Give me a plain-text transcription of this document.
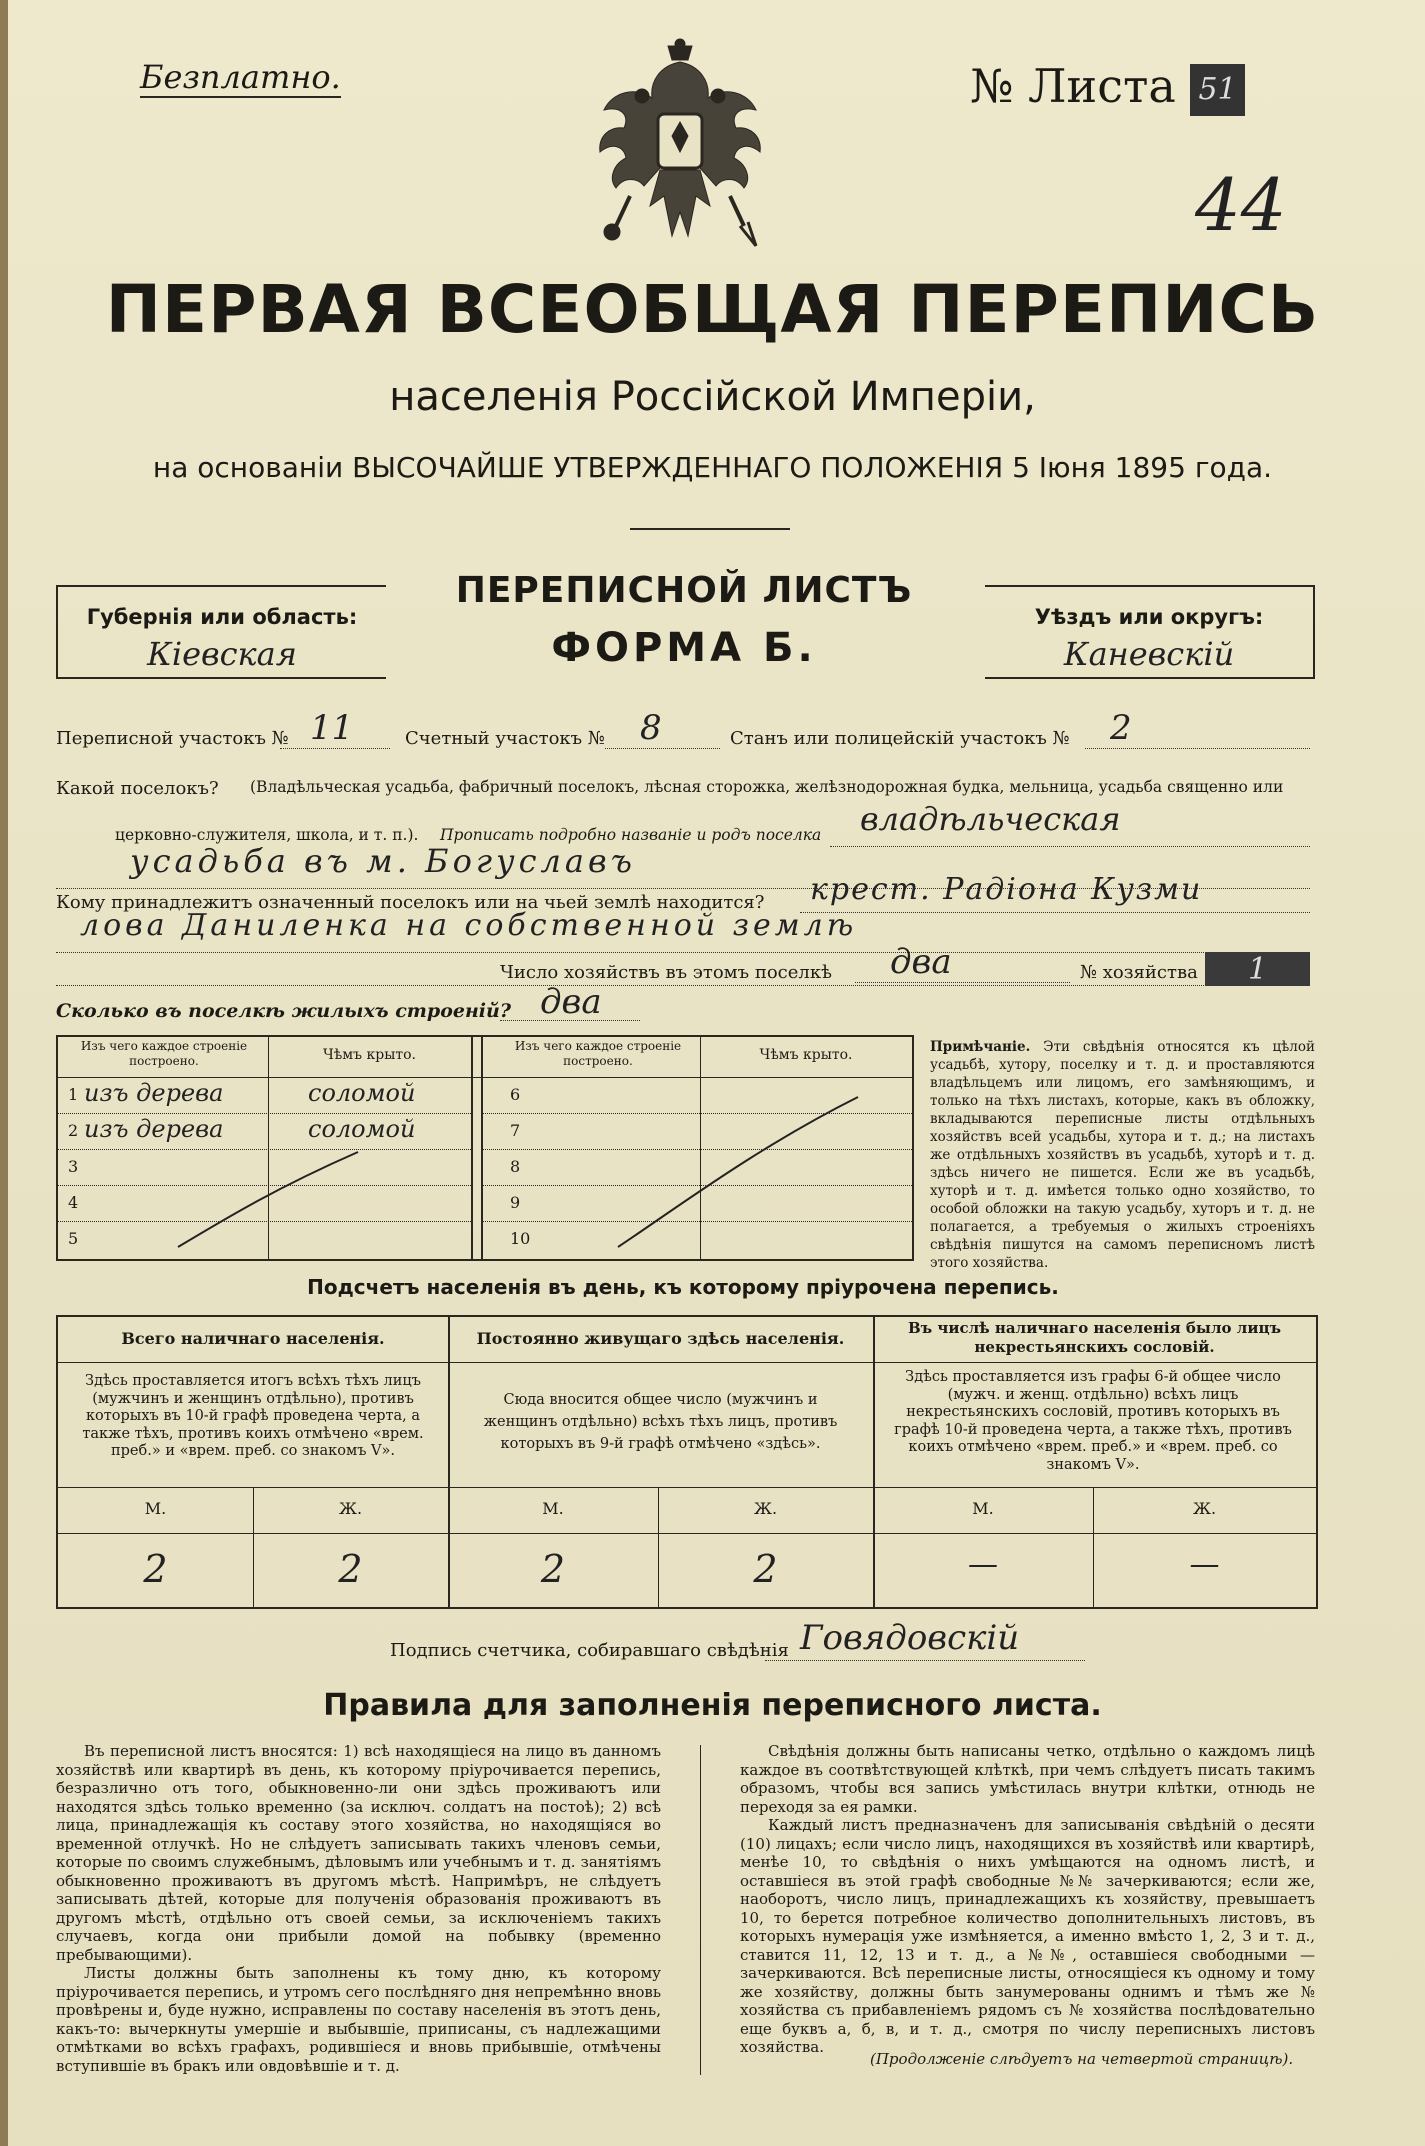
Безплатно.	№ Листа 51
44
ПЕРВАЯ ВСЕОБЩАЯ ПЕРЕПИСЬ
населенія Россійской Имперіи,
на основаніи ВЫСОЧАЙШЕ УТВЕРЖДЕННАГО ПОЛОЖЕНІЯ 5 Іюня 1895 года.
Губернія или область:
Кіевская
ПЕРЕПИСНОЙ ЛИСТЪ
ФОРМА Б.
Уѣздъ или округъ:
Каневскій
Переписной участокъ № 11	Счетный участокъ № 8	Станъ или полицейскій участокъ № 2
Какой поселокъ? (Владѣльческая усадьба, фабричный поселокъ, лѣсная сторожка, желѣзнодорожная будка, мельница, усадьба священно или
церковно-служителя, школа, и т. п.). Прописать подробно названіе и родъ поселка владѣльческая
усадьба въ м. Богуславъ
Кому принадлежитъ означенный поселокъ или на чьей землѣ находится? крест. Радіона Кузми
лова Даниленка на собственной землѣ
Число хозяйствъ въ этомъ поселкѣ два	№ хозяйства	1
Сколько въ поселкѣ жилыхъ строеній? два
Изъ чего каждое строеніе построено.	Чѣмъ крыто.
Изъ чего каждое строеніе построено.	Чѣмъ крыто.
1 изъ дерева	соломой
2 изъ дерева	соломой
3
4
5
6
7
8
9
10
Примѣчаніе. Эти свѣдѣнія относятся къ цѣлой усадьбѣ, хутору, поселку и т. д. и проставляются владѣльцемъ или лицомъ, его замѣняющимъ, и только на тѣхъ листахъ, которые, какъ въ обложку, вкладываются переписные листы отдѣльныхъ хозяйствъ всей усадьбы, хутора и т. д.; на листахъ же отдѣльныхъ хозяйствъ въ усадьбѣ, хуторѣ и т. д. здѣсь ничего не пишется. Если же въ усадьбѣ, хуторѣ и т. д. имѣется только одно хозяйство, то особой обложки на такую усадьбу, хуторъ и т. д. не полагается, а требуемыя о жилыхъ строеніяхъ свѣдѣнія пишутся на самомъ переписномъ листѣ этого хозяйства.
Подсчетъ населенія въ день, къ которому пріурочена перепись.
Всего наличнаго населенія.	Постоянно живущаго здѣсь населенія.
Въ числѣ наличнаго населенія было лицъ некрестьянскихъ сословій.
Здѣсь проставляется итогъ всѣхъ тѣхъ лицъ (мужчинъ и женщинъ отдѣльно), противъ которыхъ въ 10-й графѣ проведена черта, а также тѣхъ, противъ коихъ отмѣчено «врем. преб.» и «врем. преб. со знакомъ V».
Сюда вносится общее число (мужчинъ и женщинъ отдѣльно) всѣхъ тѣхъ лицъ, противъ которыхъ въ 9-й графѣ отмѣчено «здѣсь».
Здѣсь проставляется изъ графы 6-й общее число (мужч. и женщ. отдѣльно) всѣхъ лицъ некрестьянскихъ сословій, противъ которыхъ въ графѣ 10-й проведена черта, а также тѣхъ, противъ коихъ отмѣчено «врем. преб.» и «врем. преб. со знакомъ V».
М.	Ж.	М.	Ж.	М.	Ж.
2	2	2	2	—	—
Подпись счетчика, собиравшаго свѣдѣнія Говядовскій
Правила для заполненія переписного листа.

Въ переписной листъ вносятся: 1) всѣ находящіеся на лицо въ данномъ хозяйствѣ или квартирѣ въ день, къ которому пріурочивается перепись, безразлично отъ того, обыкновенно-ли они здѣсь проживаютъ или находятся здѣсь только временно (за исключ. солдатъ на постоѣ); 2) всѣ лица, принадлежащія къ составу этого хозяйства, но находящіяся во временной отлучкѣ. Но не слѣдуетъ записывать такихъ членовъ семьи, которые по своимъ служебнымъ, дѣловымъ или учебнымъ и т. д. занятіямъ обыкновенно проживаютъ въ другомъ мѣстѣ. Напримѣръ, не слѣдуетъ записывать дѣтей, которые для полученія образованія проживаютъ въ другомъ мѣстѣ, отдѣльно отъ своей семьи, за исключеніемъ такихъ случаевъ, когда они прибыли домой на побывку (временно пребывающими).

Листы должны быть заполнены къ тому дню, къ которому пріурочивается перепись, и утромъ сего послѣдняго дня непремѣнно вновь провѣрены и, буде нужно, исправлены по составу населенія въ этотъ день, какъ-то: вычеркнуты умершіе и выбывшіе, приписаны, съ надлежащими отмѣтками во всѣхъ графахъ, родившіеся и вновь прибывшіе, отмѣчены вступившіе въ бракъ или овдовѣвшіе и т. д.

Свѣдѣнія должны быть написаны четко, отдѣльно о каждомъ лицѣ каждое въ соотвѣтствующей клѣткѣ, при чемъ слѣдуетъ писать такимъ образомъ, чтобы вся запись умѣстилась внутри клѣтки, отнюдь не переходя за ея рамки.

Каждый листъ предназначенъ для записыванія свѣдѣній о десяти (10) лицахъ; если число лицъ, находящихся въ хозяйствѣ или квартирѣ, менѣе 10, то свѣдѣнія о нихъ умѣщаются на одномъ листѣ, и оставшіеся въ этой графѣ свободные №№ зачеркиваются; если же, наоборотъ, число лицъ, принадлежащихъ къ хозяйству, превышаетъ 10, то берется потребное количество дополнительныхъ листовъ, въ которыхъ нумерація уже измѣняется, а именно вмѣсто 1, 2, 3 и т. д., ставится 11, 12, 13 и т. д., а №№, оставшіеся свободными — зачеркиваются. Всѣ переписные листы, относящіеся къ одному и тому же хозяйству, должны быть занумерованы однимъ и тѣмъ же № хозяйства съ прибавленіемъ рядомъ съ № хозяйства послѣдовательно еще буквъ а, б, в, и т. д., смотря по числу переписныхъ листовъ хозяйства.

(Продолженіе слѣдуетъ на четвертой страницѣ).
